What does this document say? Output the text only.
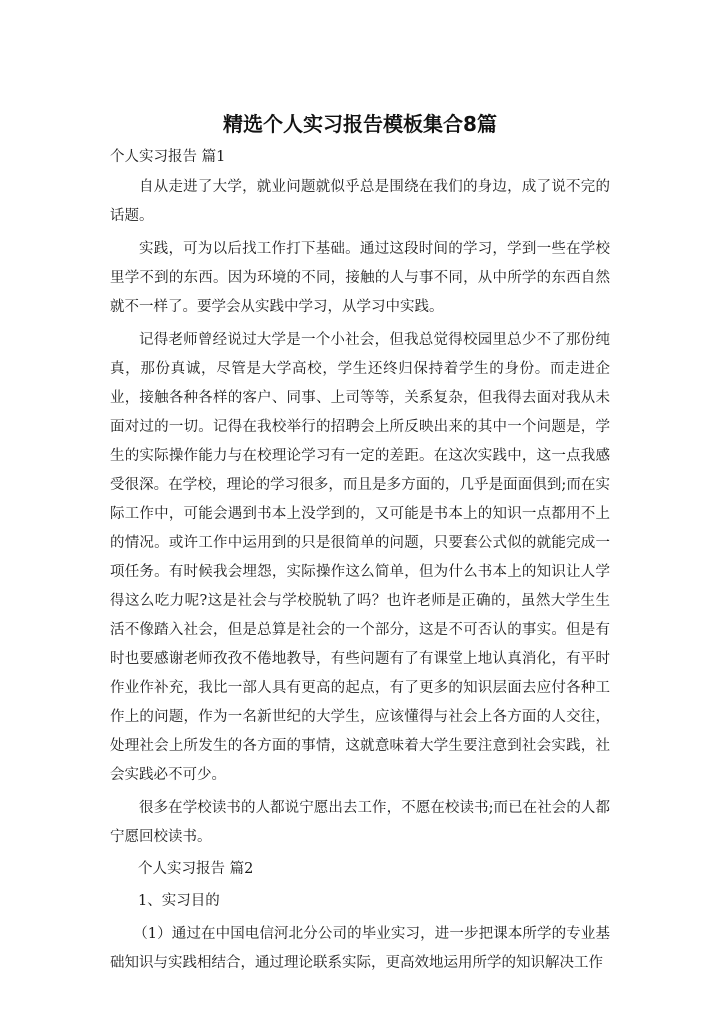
精选个人实习报告模板集合8篇

个人实习报告 篇1

自从走进了大学，就业问题就似乎总是围绕在我们的身边，成了说不完的话题。

实践，可为以后找工作打下基础。通过这段时间的学习，学到一些在学校里学不到的东西。因为环境的不同，接触的人与事不同，从中所学的东西自然就不一样了。要学会从实践中学习，从学习中实践。

记得老师曾经说过大学是一个小社会，但我总觉得校园里总少不了那份纯真，那份真诚，尽管是大学高校，学生还终归保持着学生的身份。而走进企业，接触各种各样的客户、同事、上司等等，关系复杂，但我得去面对我从未面对过的一切。记得在我校举行的招聘会上所反映出来的其中一个问题是，学生的实际操作能力与在校理论学习有一定的差距。在这次实践中，这一点我感受很深。在学校，理论的学习很多，而且是多方面的，几乎是面面俱到;而在实际工作中，可能会遇到书本上没学到的，又可能是书本上的知识一点都用不上的情况。或许工作中运用到的只是很简单的问题，只要套公式似的就能完成一项任务。有时候我会埋怨，实际操作这么简单，但为什么书本上的知识让人学得这么吃力呢?这是社会与学校脱轨了吗？也许老师是正确的，虽然大学生生活不像踏入社会，但是总算是社会的一个部分，这是不可否认的事实。但是有时也要感谢老师孜孜不倦地教导，有些问题有了有课堂上地认真消化，有平时作业作补充，我比一部人具有更高的起点，有了更多的知识层面去应付各种工作上的问题，作为一名新世纪的大学生，应该懂得与社会上各方面的人交往，处理社会上所发生的各方面的事情，这就意味着大学生要注意到社会实践，社会实践必不可少。

很多在学校读书的人都说宁愿出去工作，不愿在校读书;而已在社会的人都宁愿回校读书。

个人实习报告 篇2

1、实习目的

（1）通过在中国电信河北分公司的毕业实习，进一步把课本所学的专业基础知识与实践相结合，通过理论联系实际，更高效地运用所学的知识解决工作
